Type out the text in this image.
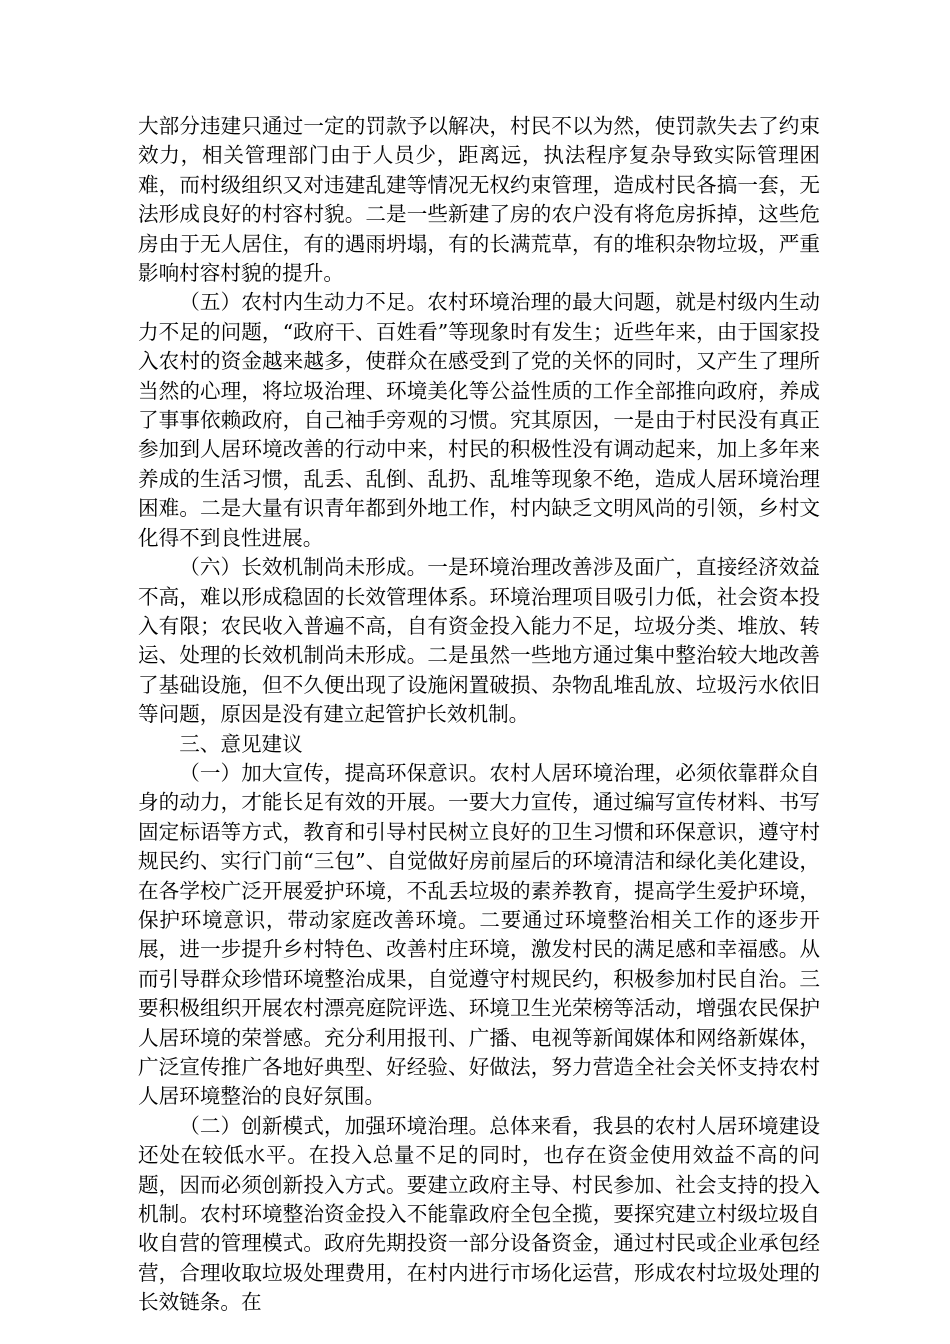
大部分违建只通过一定的罚款予以解决，村民不以为然，使罚款失去了约束效力，相关管理部门由于人员少，距离远，执法程序复杂导致实际管理困难，而村级组织又对违建乱建等情况无权约束管理，造成村民各搞一套，无法形成良好的村容村貌。二是一些新建了房的农户没有将危房拆掉，这些危房由于无人居住，有的遇雨坍塌，有的长满荒草，有的堆积杂物垃圾，严重影响村容村貌的提升。

（五）农村内生动力不足。农村环境治理的最大问题，就是村级内生动力不足的问题，“政府干、百姓看”等现象时有发生；近些年来，由于国家投入农村的资金越来越多，使群众在感受到了党的关怀的同时，又产生了理所当然的心理，将垃圾治理、环境美化等公益性质的工作全部推向政府，养成了事事依赖政府，自己袖手旁观的习惯。究其原因，一是由于村民没有真正参加到人居环境改善的行动中来，村民的积极性没有调动起来，加上多年来养成的生活习惯，乱丢、乱倒、乱扔、乱堆等现象不绝，造成人居环境治理困难。二是大量有识青年都到外地工作，村内缺乏文明风尚的引领，乡村文化得不到良性进展。

（六）长效机制尚未形成。一是环境治理改善涉及面广，直接经济效益不高，难以形成稳固的长效管理体系。环境治理项目吸引力低，社会资本投入有限；农民收入普遍不高，自有资金投入能力不足，垃圾分类、堆放、转运、处理的长效机制尚未形成。二是虽然一些地方通过集中整治较大地改善了基础设施，但不久便出现了设施闲置破损、杂物乱堆乱放、垃圾污水依旧等问题，原因是没有建立起管护长效机制。

三、意见建议

（一）加大宣传，提高环保意识。农村人居环境治理，必须依靠群众自身的动力，才能长足有效的开展。一要大力宣传，通过编写宣传材料、书写固定标语等方式，教育和引导村民树立良好的卫生习惯和环保意识，遵守村规民约、实行门前“三包”、自觉做好房前屋后的环境清洁和绿化美化建设，在各学校广泛开展爱护环境，不乱丢垃圾的素养教育，提高学生爱护环境，保护环境意识，带动家庭改善环境。二要通过环境整治相关工作的逐步开展，进一步提升乡村特色、改善村庄环境，激发村民的满足感和幸福感。从而引导群众珍惜环境整治成果，自觉遵守村规民约，积极参加村民自治。三要积极组织开展农村漂亮庭院评选、环境卫生光荣榜等活动，增强农民保护人居环境的荣誉感。充分利用报刊、广播、电视等新闻媒体和网络新媒体，广泛宣传推广各地好典型、好经验、好做法，努力营造全社会关怀支持农村人居环境整治的良好氛围。

（二）创新模式，加强环境治理。总体来看，我县的农村人居环境建设还处在较低水平。在投入总量不足的同时，也存在资金使用效益不高的问题，因而必须创新投入方式。要建立政府主导、村民参加、社会支持的投入机制。农村环境整治资金投入不能靠政府全包全揽，要探究建立村级垃圾自收自营的管理模式。政府先期投资一部分设备资金，通过村民或企业承包经营，合理收取垃圾处理费用，在村内进行市场化运营，形成农村垃圾处理的长效链条。在
